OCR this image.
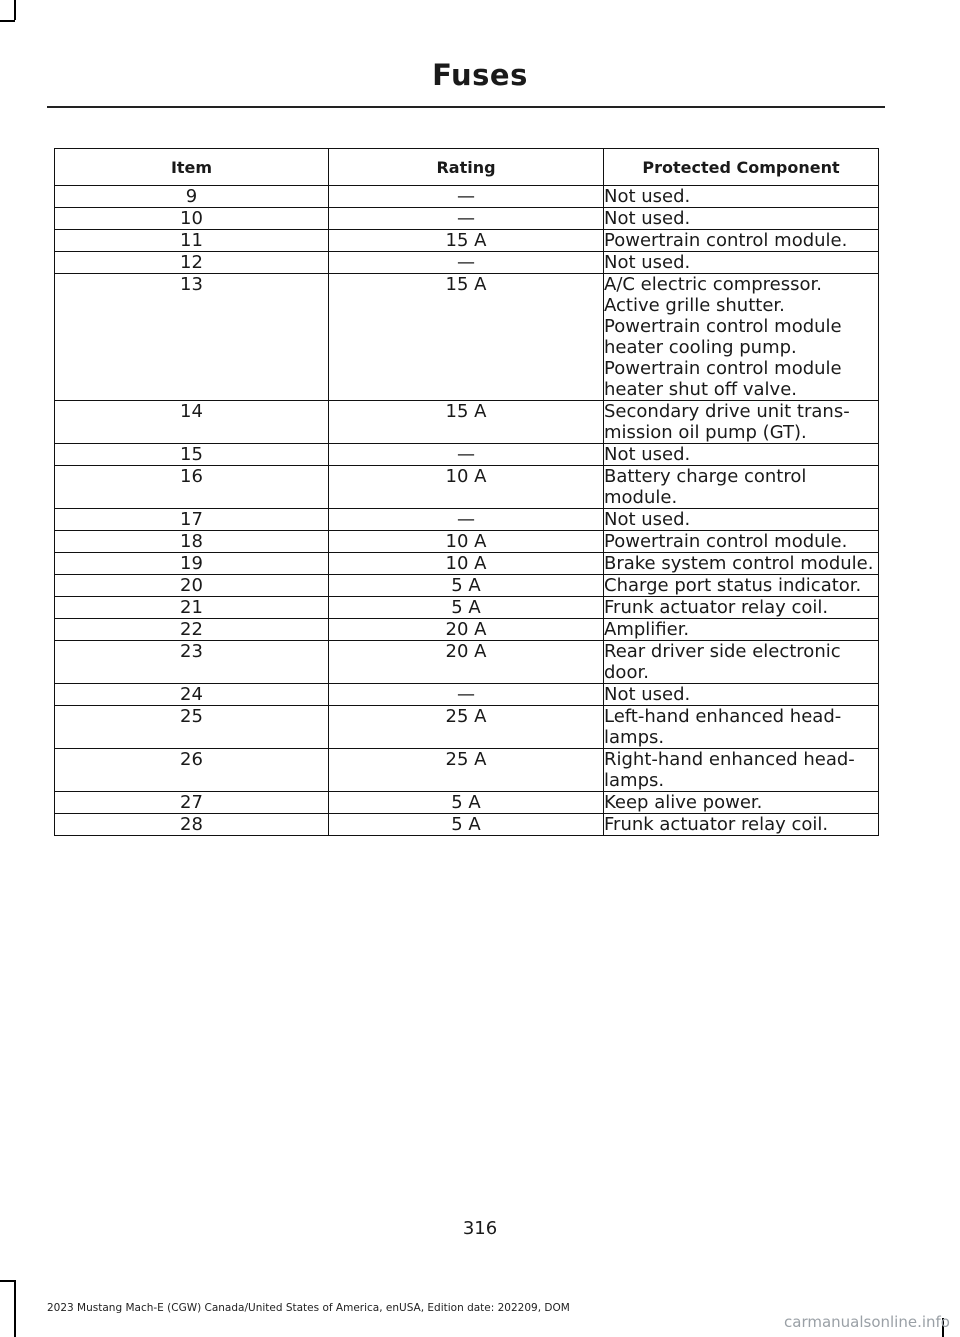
Fuses
Item	Rating	Protected Component
9	—	Not used.

10	—	Not used.

11	15 A	Powertrain control module.

12	—	Not used.

13	15 A	A/C electric compressor.
Active grille shutter.
Powertrain control module heater cooling pump.
Powertrain control module heater shut off valve.

14	15 A	Secondary drive unit trans-mission oil pump (GT).

15	—	Not used.

16	10 A	Battery charge control module.

17	—	Not used.

18	10 A	Powertrain control module.

19	10 A	Brake system control module.

20	5 A	Charge port status indicator.

21	5 A	Frunk actuator relay coil.

22	20 A	Amplifier.

23	20 A	Rear driver side electronic door.

24	—	Not used.

25	25 A	Left-hand enhanced head-lamps.

26	25 A	Right-hand enhanced head-lamps.

27	5 A	Keep alive power.

28	5 A	Frunk actuator relay coil.
316
2023 Mustang Mach-E (CGW) Canada/United States of America, enUSA, Edition date: 202209, DOM
carmanualsonline.info
